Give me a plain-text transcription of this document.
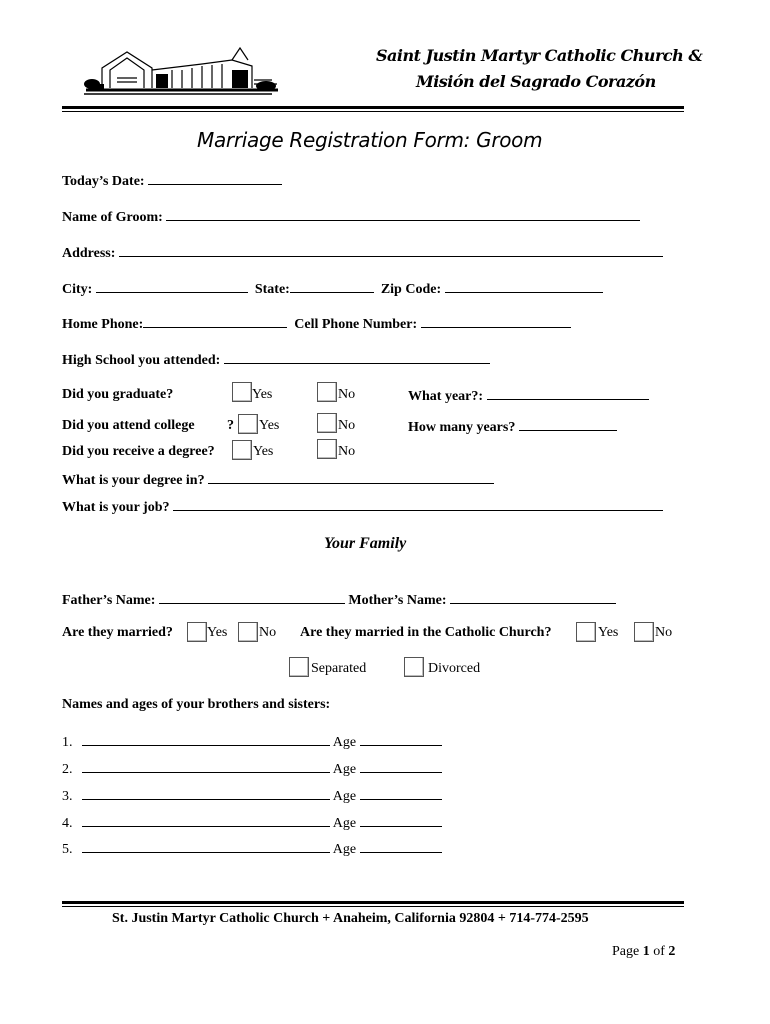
Saint Justin Martyr Catholic Church &
Misión del Sagrado Corazón
Marriage Registration Form: Groom
Today’s Date:
Name of Groom:
Address:
City:	State:	Zip Code:
Home Phone:	Cell Phone Number:
High School you attended:
Did you graduate?	Yes	No	What year?:
Did you attend college ? Yes	No	How many years?
Did you receive a degree?	Yes	No
What is your degree in?
What is your job?
Your Family
Father’s Name:	Mother’s Name:
Are they married? Yes No Are they married in the Catholic Church?	Yes	No
Separated	Divorced
Names and ages of your brothers and sisters:
1.	Age
2.	Age
3.	Age
4.	Age
5.	Age
St. Justin Martyr Catholic Church + Anaheim, California 92804 + 714-774-2595
Page 1 of 2
